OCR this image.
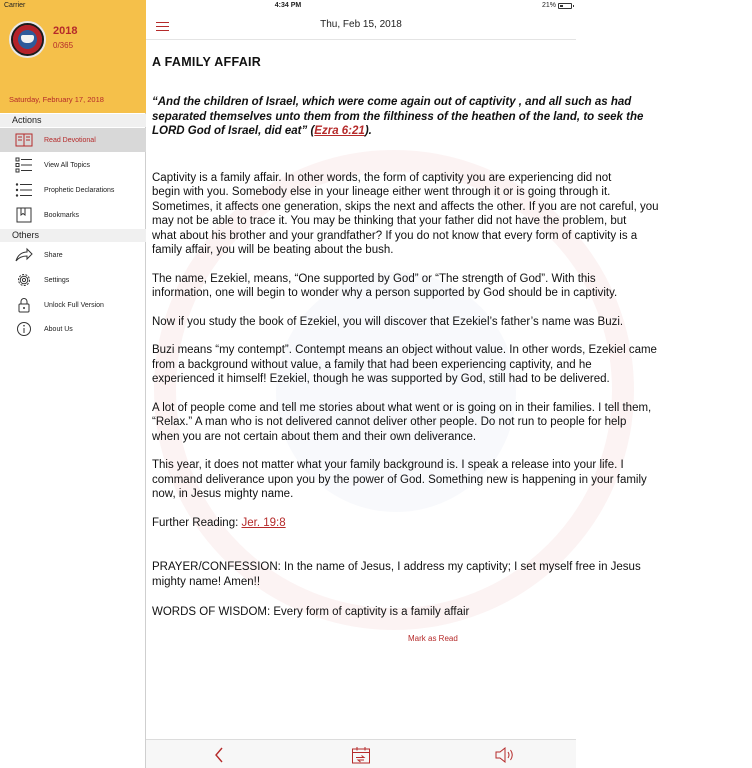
Carrier	4:34 PM	21%
2018
0/365
Saturday, February 17, 2018
Actions
Read Devotional
View All Topics
Prophetic Declarations
Bookmarks
Others
Share
Settings
Unlock Full Version
About Us
Thu, Feb 15, 2018
A FAMILY AFFAIR
“And the children of Israel, which were come again out of captivity , and all such as had
separated themselves unto them from the filthiness of the heathen of the land, to seek the
LORD God of Israel, did eat” (Ezra 6:21).
Captivity is a family affair. In other words, the form of captivity you are experiencing did not
begin with you. Somebody else in your lineage either went through it or is going through it.
Sometimes, it affects one generation, skips the next and affects the other. If you are not careful, you
may not be able to trace it. You may be thinking that your father did not have the problem, but
what about his brother and your grandfather? If you do not know that every form of captivity is a
family affair, you will be beating about the bush.
The name, Ezekiel, means, “One supported by God” or “The strength of God”. With this
information, one will begin to wonder why a person supported by God should be in captivity.
Now if you study the book of Ezekiel, you will discover that Ezekiel’s father’s name was Buzi.
Buzi means “my contempt”. Contempt means an object without value. In other words, Ezekiel came
from a background without value, a family that had been experiencing captivity, and he
experienced it himself! Ezekiel, though he was supported by God, still had to be delivered.
A lot of people come and tell me stories about what went or is going on in their families. I tell them,
“Relax.” A man who is not delivered cannot deliver other people. Do not run to people for help
when you are not certain about them and their own deliverance.
This year, it does not matter what your family background is. I speak a release into your life. I
command deliverance upon you by the power of God. Something new is happening in your family
now, in Jesus mighty name.
Further Reading: Jer. 19:8
PRAYER/CONFESSION: In the name of Jesus, I address my captivity; I set myself free in Jesus
mighty name! Amen!!
WORDS OF WISDOM: Every form of captivity is a family affair
Mark as Read
